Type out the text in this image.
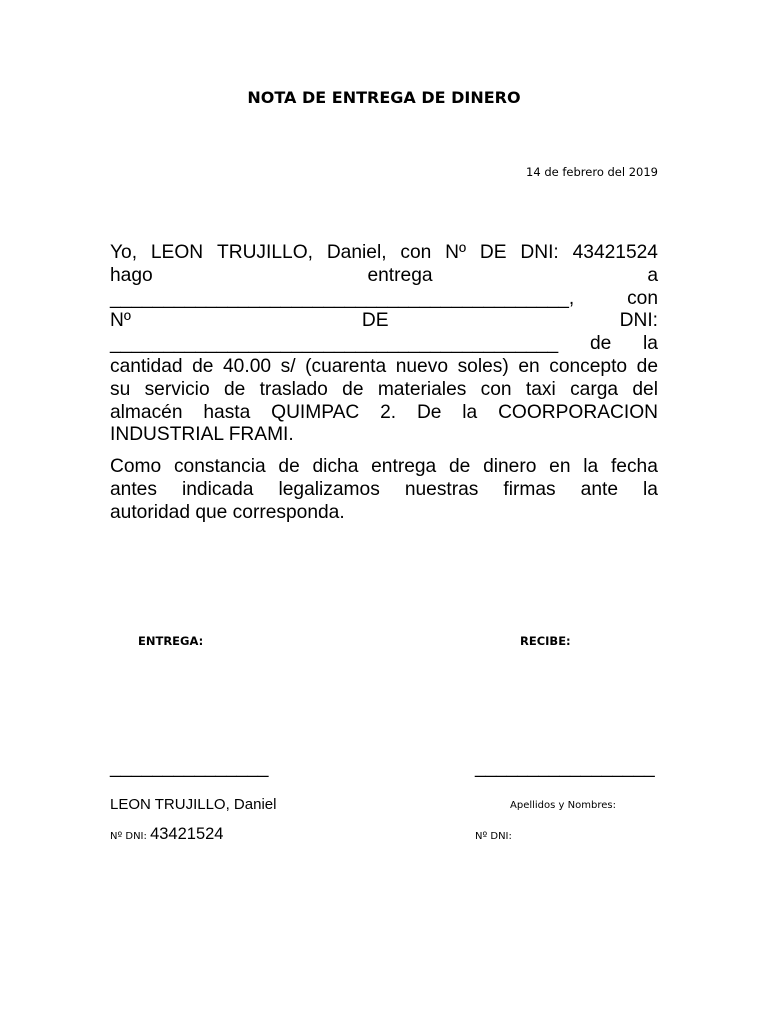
NOTA DE ENTREGA DE DINERO
14 de febrero del 2019
Yo, LEON TRUJILLO, Daniel, con Nº DE DNI: 43421524
hago	entrega	a
___________________________________________,	con
Nº	DE	DNI:
__________________________________________ de la
cantidad de 40.00 s/ (cuarenta nuevo soles) en concepto de
su servicio de traslado de materiales con taxi carga del
almacén hasta QUIMPAC 2. De la COORPORACION
INDUSTRIAL FRAMI.
Como constancia de dicha entrega de dinero en la fecha
antes indicada legalizamos nuestras firmas ante la
autoridad que corresponda.
ENTREGA:	RECIBE:
_______________	_________________
LEON TRUJILLO, Daniel	Apellidos y Nombres:
Nº DNI: 43421524	Nº DNI:
